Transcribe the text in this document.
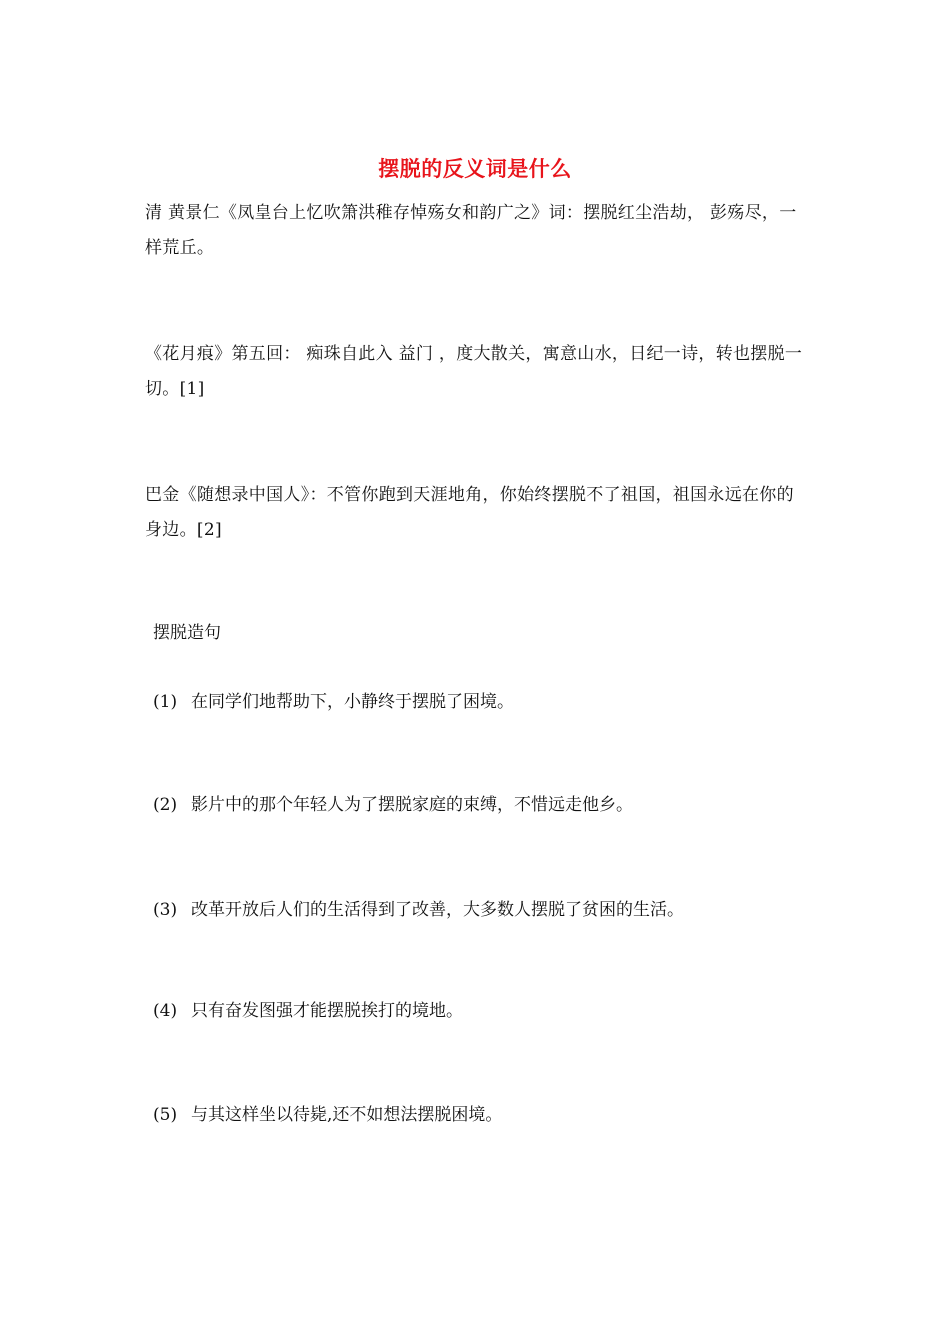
摆脱的反义词是什么
清 黄景仁《凤皇台上忆吹箫洪稚存悼殇女和韵广之》词：摆脱红尘浩劫， 彭殇尽，一样荒丘。
《花月痕》第五回： 痴珠自此入 益门 ，度大散关，寓意山水，日纪一诗，转也摆脱一切。[1]
巴金《随想录中国人》：不管你跑到天涯地角，你始终摆脱不了祖国，祖国永远在你的身边。[2]
摆脱造句
(1) 在同学们地帮助下，小静终于摆脱了困境。
(2) 影片中的那个年轻人为了摆脱家庭的束缚，不惜远走他乡。
(3) 改革开放后人们的生活得到了改善，大多数人摆脱了贫困的生活。
(4) 只有奋发图强才能摆脱挨打的境地。
(5) 与其这样坐以待毙,还不如想法摆脱困境。
